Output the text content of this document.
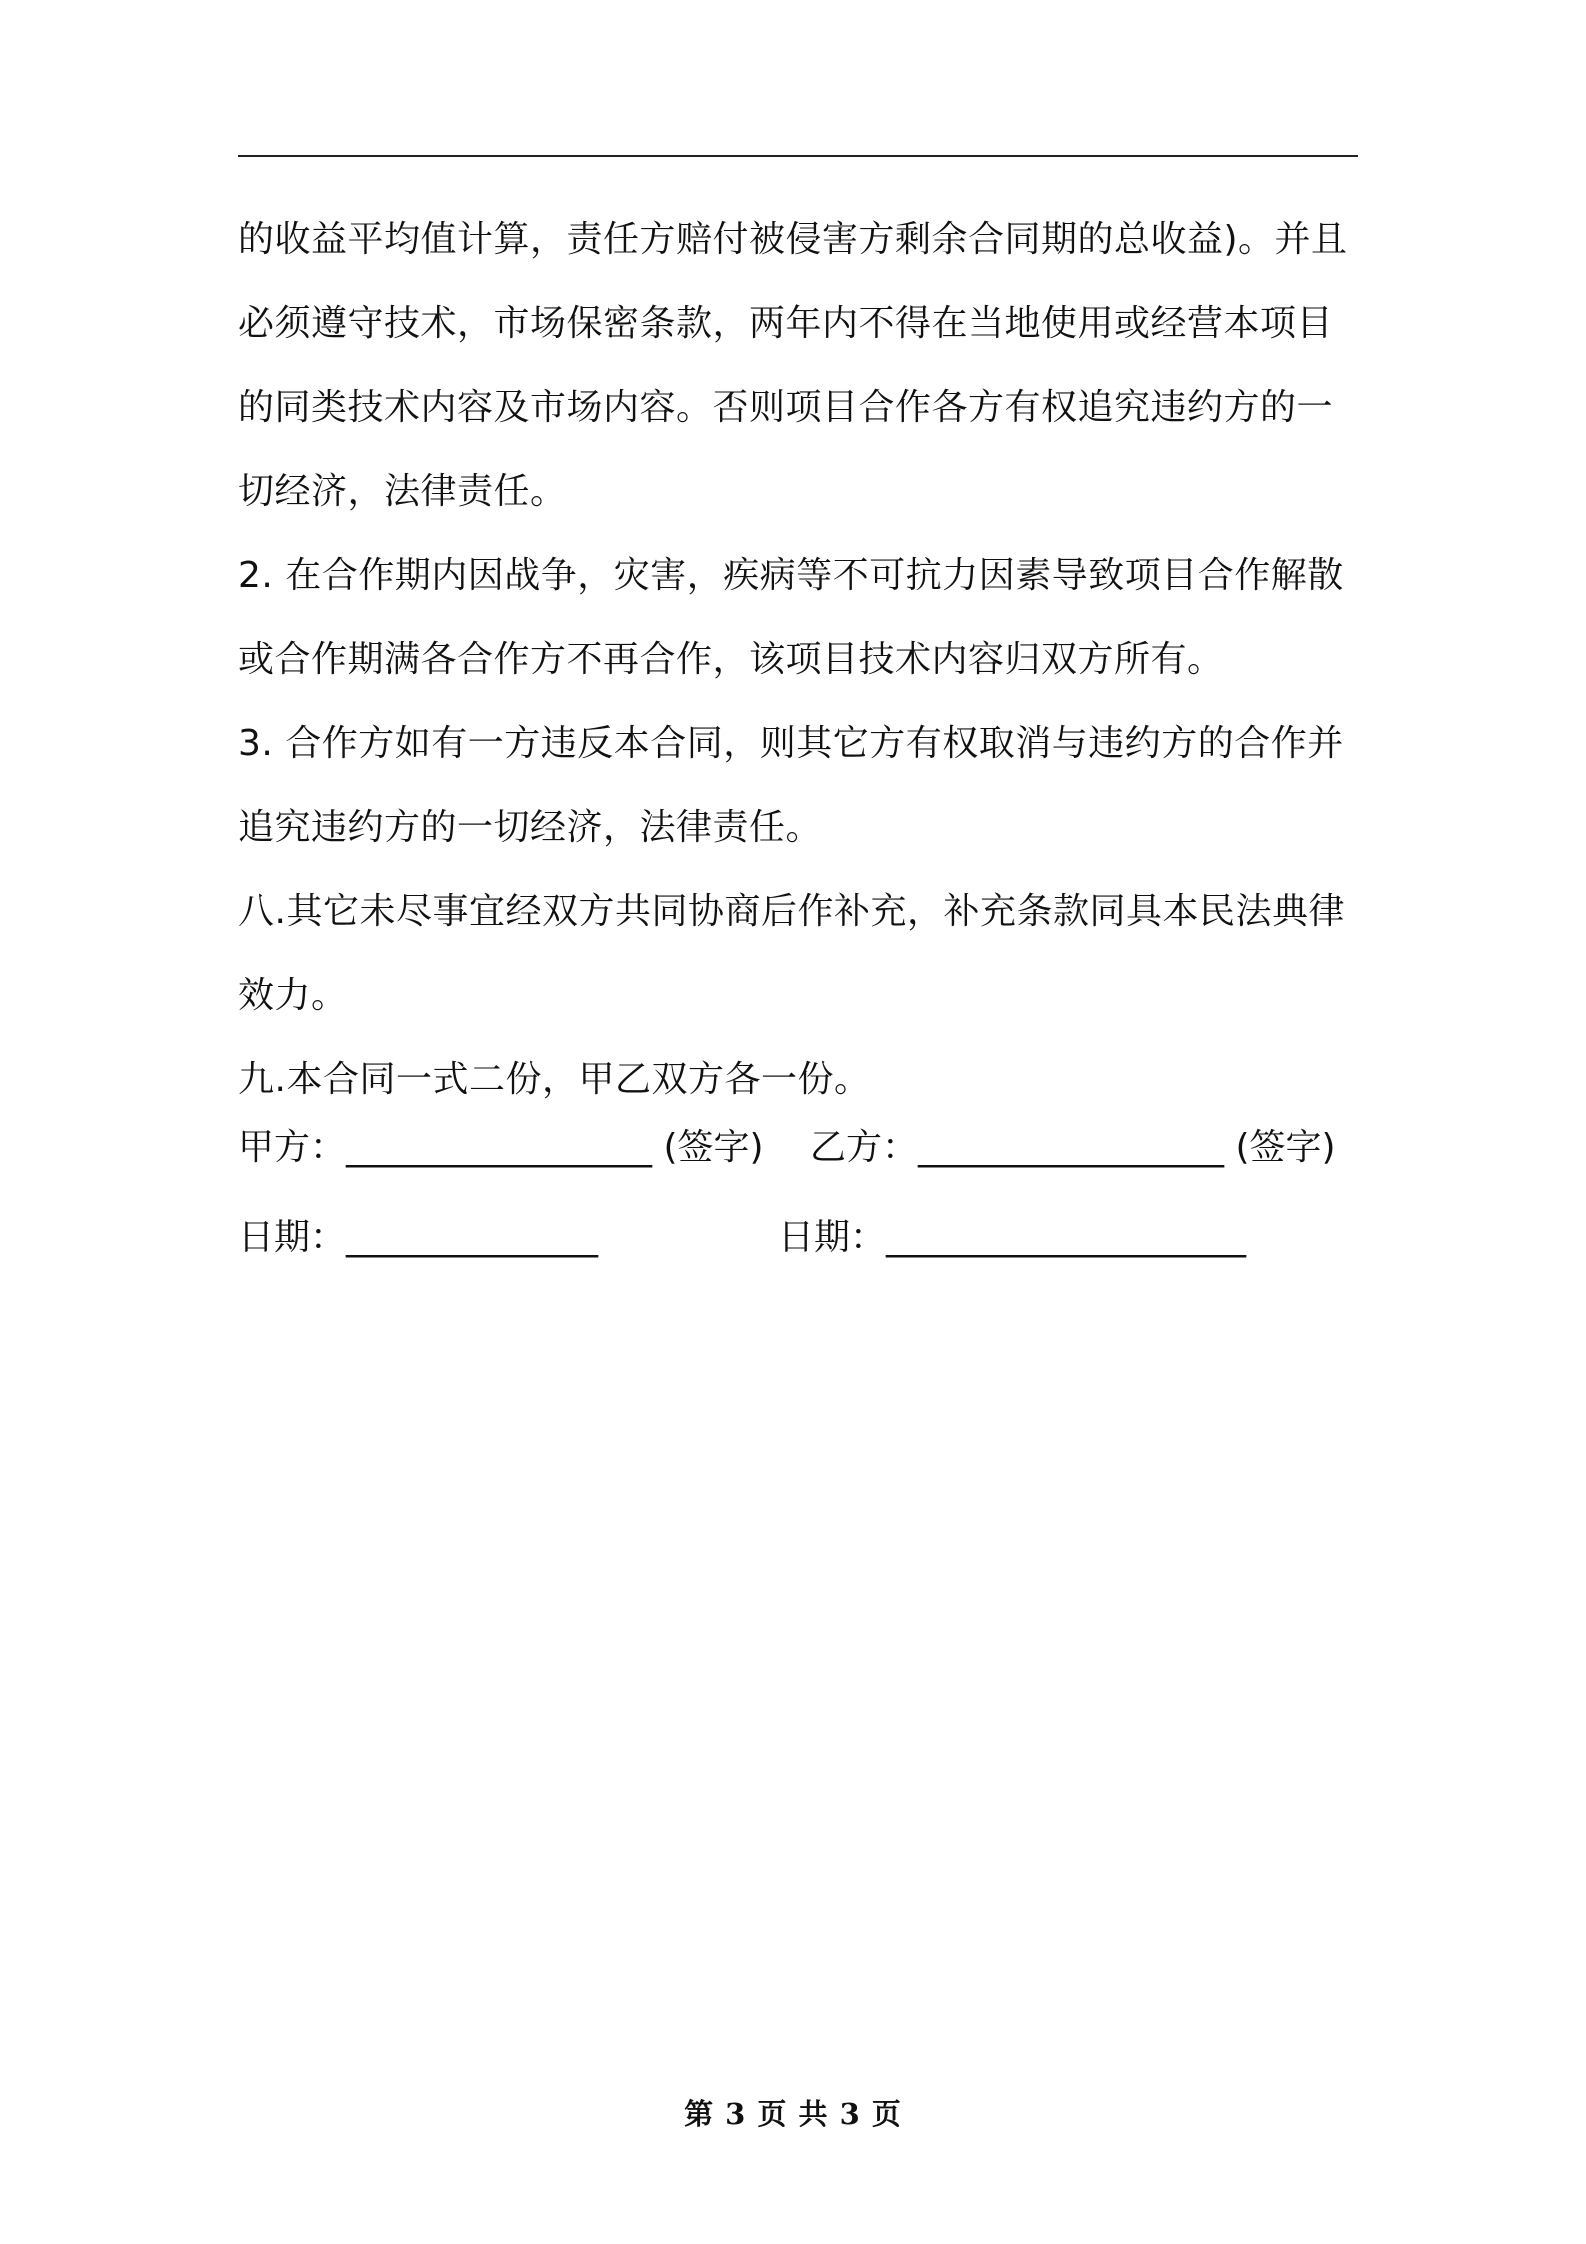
的收益平均值计算，责任方赔付被侵害方剩余合同期的总收益)。并且必须遵守技术，市场保密条款，两年内不得在当地使用或经营本项目的同类技术内容及市场内容。否则项目合作各方有权追究违约方的一切经济，法律责任。

2. 在合作期内因战争，灾害，疾病等不可抗力因素导致项目合作解散或合作期满各合作方不再合作，该项目技术内容归双方所有。

3. 合作方如有一方违反本合同，则其它方有权取消与违约方的合作并追究违约方的一切经济，法律责任。

八.其它未尽事宜经双方共同协商后作补充，补充条款同具本民法典律效力。

九.本合同一式二份，甲乙双方各一份。

甲方：_________________ (签字) 乙方：_________________ (签字)
日期：______________	日期：____________________
第 3 页 共 3 页
